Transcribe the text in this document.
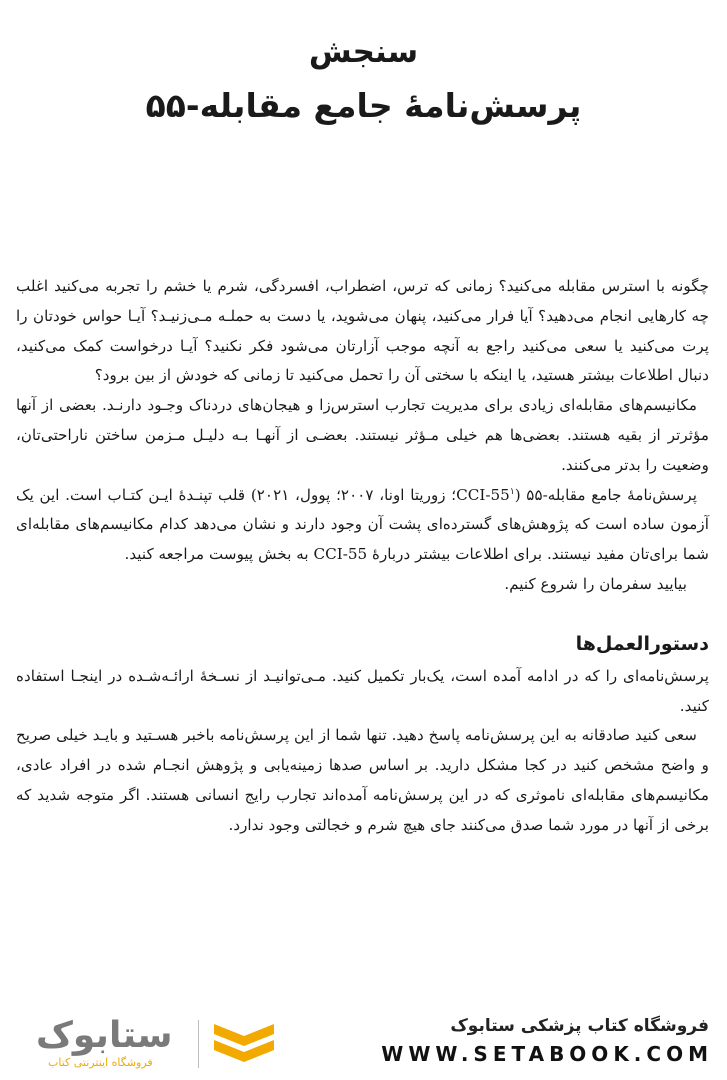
سنجش
پرسش‌نامۀ جامع مقابله-۵۵

چگونه با استرس مقابله می‌کنید؟ زمانی که ترس، اضطراب، افسردگی، شرم یا خشم را تجربه می‌کنید اغلب چه کارهایی انجام می‌دهید؟ آیا فرار می‌کنید، پنهان می‌شوید، یا دست به حملـه مـی‌زنیـد؟ آیـا حواس خودتان را پرت می‌کنید یا سعی می‌کنید راجع به آنچه موجب آزارتان می‌شود فکر نکنید؟ آیـا درخواست کمک می‌کنید، دنبال اطلاعات بیشتر هستید، یا اینکه با سختی آن را تحمل می‌کنید تا زمانی که خودش از بین برود؟

مکانیسم‌های مقابله‌ای زیادی برای مدیریت تجارب استرس‌زا و هیجان‌های دردناک وجـود دارنـد. بعضی از آنها مؤثرتر از بقیه هستند. بعضی‌ها هم خیلی مـؤثر نیستند. بعضـی از آنهـا بـه دلیـل مـزمن ساختن ناراحتی‌تان، وضعیت را بدتر می‌کنند.

پرسش‌نامۀ جامع مقابله-۵۵ ($CCI-55^۱؛$ زوریتا اونا، ۲۰۰۷؛ پوول، ۲۰۲۱) قلب تپنـدۀ ایـن کتـاب است. این یک آزمون ساده است که پژوهش‌های گسترده‌ای پشت آن وجود دارند و نشان می‌دهد کدام مکانیسم‌های مقابله‌ای شما برای‌تان مفید نیستند. برای اطلاعات بیشتر دربارۀ CCI-55 به بخش پیوست مراجعه کنید.

بیایید سفرمان را شروع کنیم.

دستورالعمل‌ها

پرسش‌نامه‌ای را که در ادامه آمده است، یک‌بار تکمیل کنید. مـی‌توانیـد از نسـخۀ ارائـه‌شـده در اینجـا استفاده کنید.

سعی کنید صادقانه به این پرسش‌نامه پاسخ دهید. تنها شما از این پرسش‌نامه باخبر هسـتید و بایـد خیلی صریح و واضح مشخص کنید در کجا مشکل دارید. بر اساس صدها زمینه‌یابی و پژوهش انجـام شده در افراد عادی، مکانیسم‌های مقابله‌ای ناموثری که در این پرسش‌نامه آمده‌اند تجارب رایج انسانی هستند. اگر متوجه شدید که برخی از آنها در مورد شما صدق می‌کنند جای هیچ شرم و خجالتی وجود ندارد.

ستابوک
فروشگاه اینترنتی کتاب
فروشگاه کتاب پزشکی ستابوک
WWW.SETABOOK.COM
